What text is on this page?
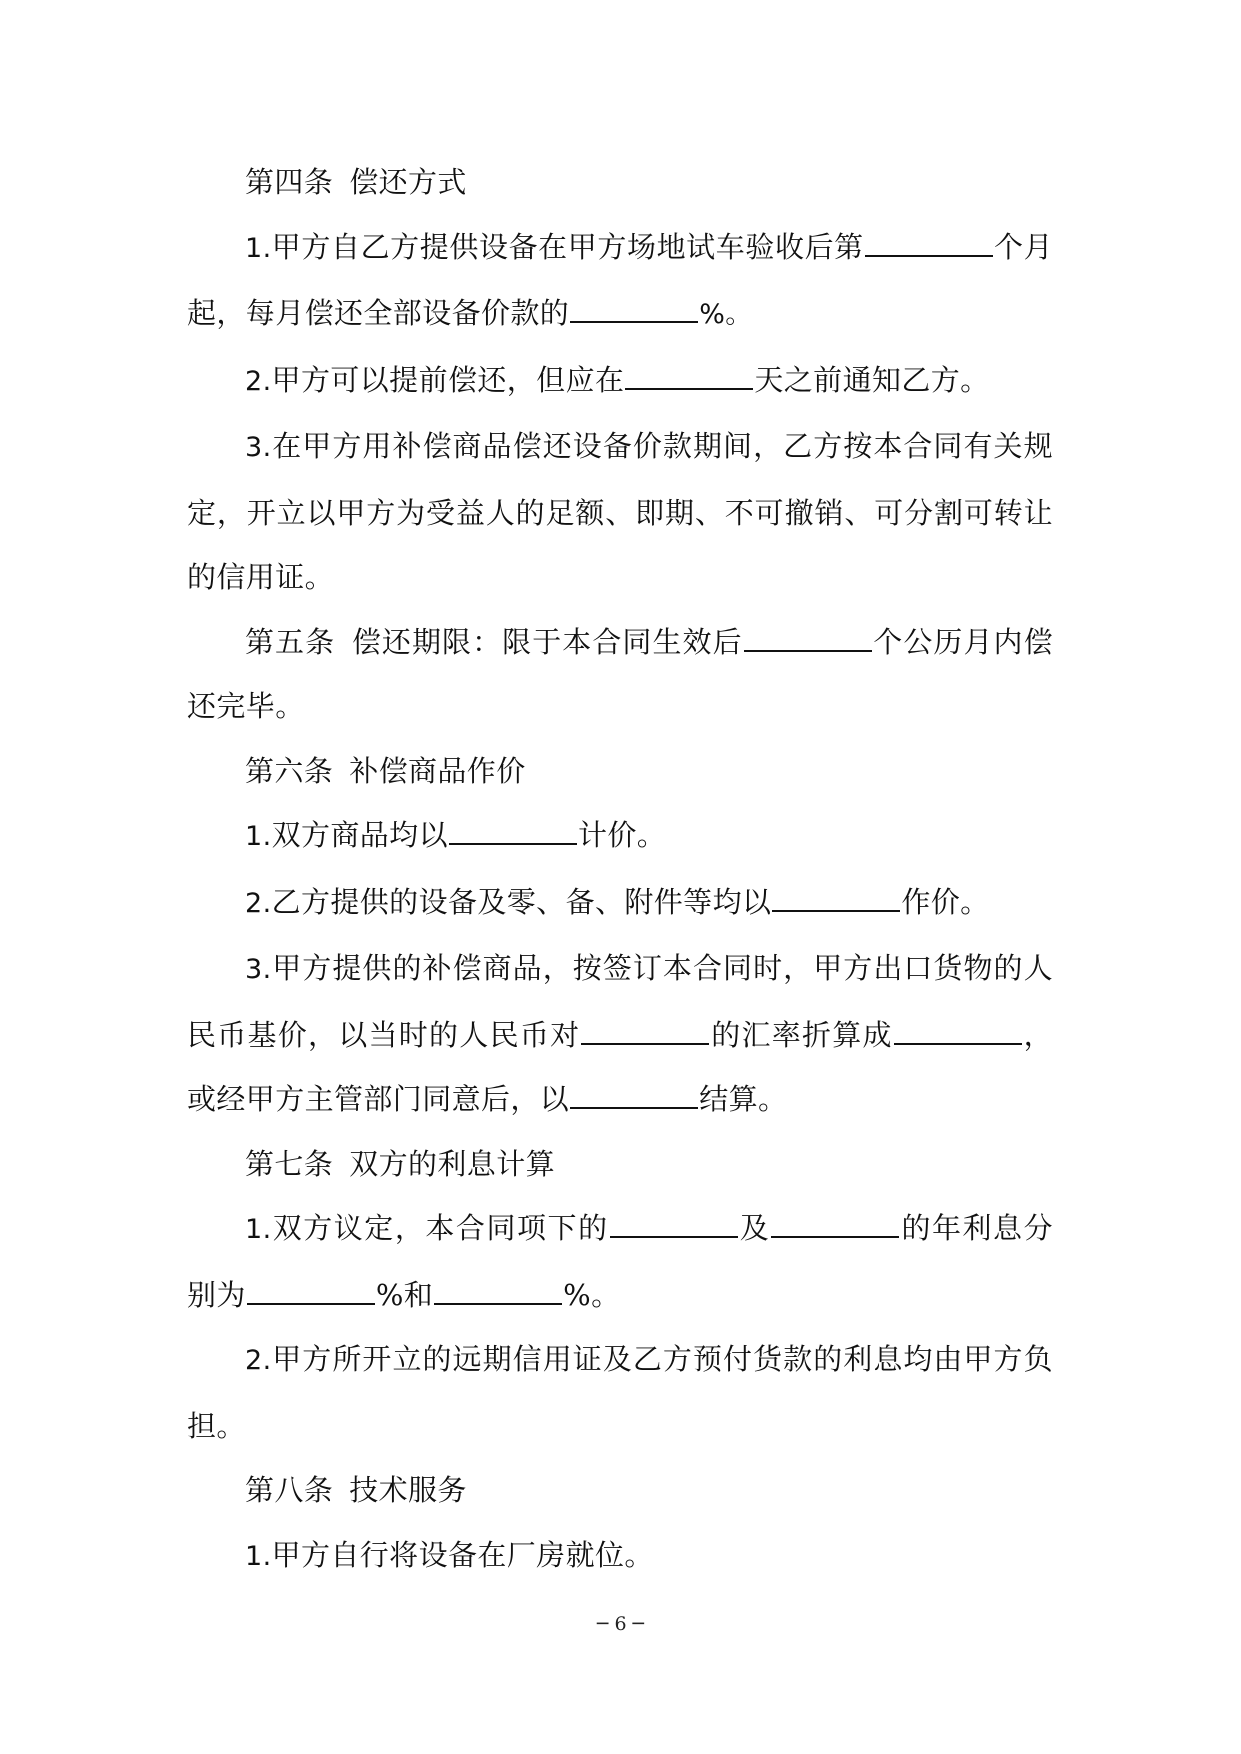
第四条 偿还方式

1.甲方自乙方提供设备在甲方场地试车验收后第	个月起，每月偿还全部设备价款的	%。

2.甲方可以提前偿还，但应在	天之前通知乙方。

3.在甲方用补偿商品偿还设备价款期间，乙方按本合同有关规定，开立以甲方为受益人的足额、即期、不可撤销、可分割可转让的信用证。

第五条 偿还期限：限于本合同生效后	个公历月内偿还完毕。

第六条 补偿商品作价

1.双方商品均以	计价。

2.乙方提供的设备及零、备、附件等均以	作价。

3.甲方提供的补偿商品，按签订本合同时，甲方出口货物的人民币基价，以当时的人民币对	的汇率折算成	，或经甲方主管部门同意后，以	结算。

第七条 双方的利息计算

1.双方议定，本合同项下的	及	的年利息分别为	%和	%。

2.甲方所开立的远期信用证及乙方预付货款的利息均由甲方负担。

第八条 技术服务

1.甲方自行将设备在厂房就位。

─ 6 ─
